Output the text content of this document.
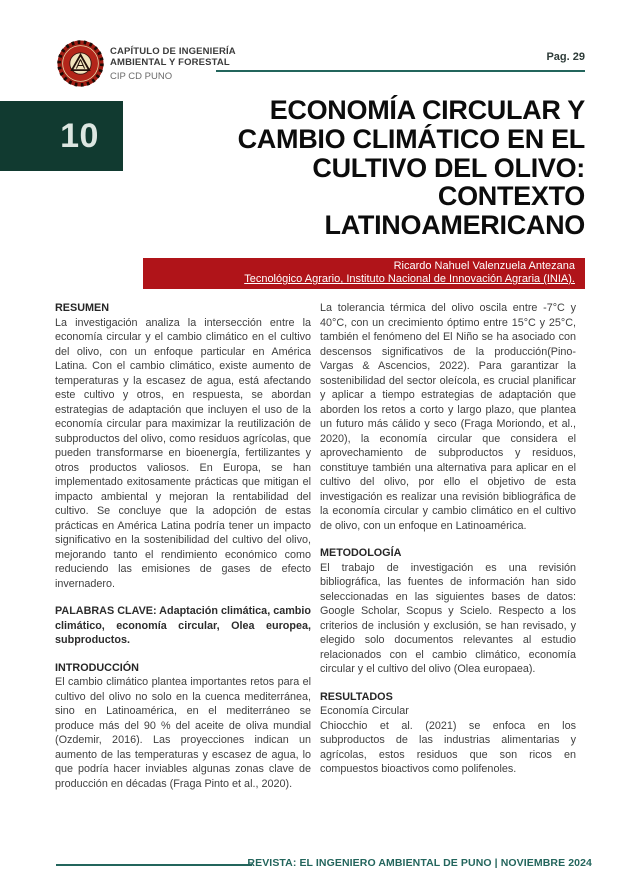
CAPÍTULO DE INGENIERÍA
AMBIENTAL Y FORESTAL
CIP CD PUNO
Pag. 29
10
ECONOMÍA CIRCULAR Y
CAMBIO CLIMÁTICO EN EL
CULTIVO DEL OLIVO:
CONTEXTO
LATINOAMERICANO
Ricardo Nahuel Valenzuela Antezana
Tecnológico Agrario, Instituto Nacional de Innovación Agraria (INIA).
RESUMEN

La investigación analiza la intersección entre la economía circular y el cambio climático en el cultivo del olivo, con un enfoque particular en América Latina. Con el cambio climático, existe aumento de temperaturas y la escasez de agua, está afectando este cultivo y otros, en respuesta, se abordan estrategias de adaptación que incluyen el uso de la economía circular para maximizar la reutilización de subproductos del olivo, como residuos agrícolas, que pueden transformarse en bioenergía, fertilizantes y otros productos valiosos. En Europa, se han implementado exitosamente prácticas que mitigan el impacto ambiental y mejoran la rentabilidad del cultivo. Se concluye que la adopción de estas prácticas en América Latina podría tener un impacto significativo en la sostenibilidad del cultivo del olivo, mejorando tanto el rendimiento económico como reduciendo las emisiones de gases de efecto invernadero.

PALABRAS CLAVE: Adaptación climática, cambio climático, economía circular, Olea europea, subproductos.

INTRODUCCIÓN

El cambio climático plantea importantes retos para el cultivo del olivo no solo en la cuenca mediterránea, sino en Latinoamérica, en el mediterráneo se produce más del 90 % del aceite de oliva mundial (Ozdemir, 2016). Las proyecciones indican un aumento de las temperaturas y escasez de agua, lo que podría hacer inviables algunas zonas clave de producción en décadas (Fraga Pinto et al., 2020).

La tolerancia térmica del olivo oscila entre -7°C y 40°C, con un crecimiento óptimo entre 15°C y 25°C, también el fenómeno del El Niño se ha asociado con descensos significativos de la producción(Pino-Vargas & Ascencios, 2022). Para garantizar la sostenibilidad del sector oleícola, es crucial planificar y aplicar a tiempo estrategias de adaptación que aborden los retos a corto y largo plazo, que plantea un futuro más cálido y seco (Fraga Moriondo, et al., 2020), la economía circular que considera el aprovechamiento de subproductos y residuos, constituye también una alternativa para aplicar en el cultivo del olivo, por ello el objetivo de esta investigación es realizar una revisión bibliográfica de la economía circular y cambio climático en el cultivo de olivo, con un enfoque en Latinoamérica.

METODOLOGÍA

El trabajo de investigación es una revisión bibliográfica, las fuentes de información han sido seleccionadas en las siguientes bases de datos: Google Scholar, Scopus y Scielo. Respecto a los criterios de inclusión y exclusión, se han revisado, y elegido solo documentos relevantes al estudio relacionados con el cambio climático, economía circular y el cultivo del olivo (Olea europaea).

RESULTADOS
Economía Circular

Chiocchio et al. (2021) se enfoca en los subproductos de las industrias alimentarias y agrícolas, estos residuos que son ricos en compuestos bioactivos como polifenoles.

REVISTA: EL INGENIERO AMBIENTAL DE PUNO | NOVIEMBRE 2024
